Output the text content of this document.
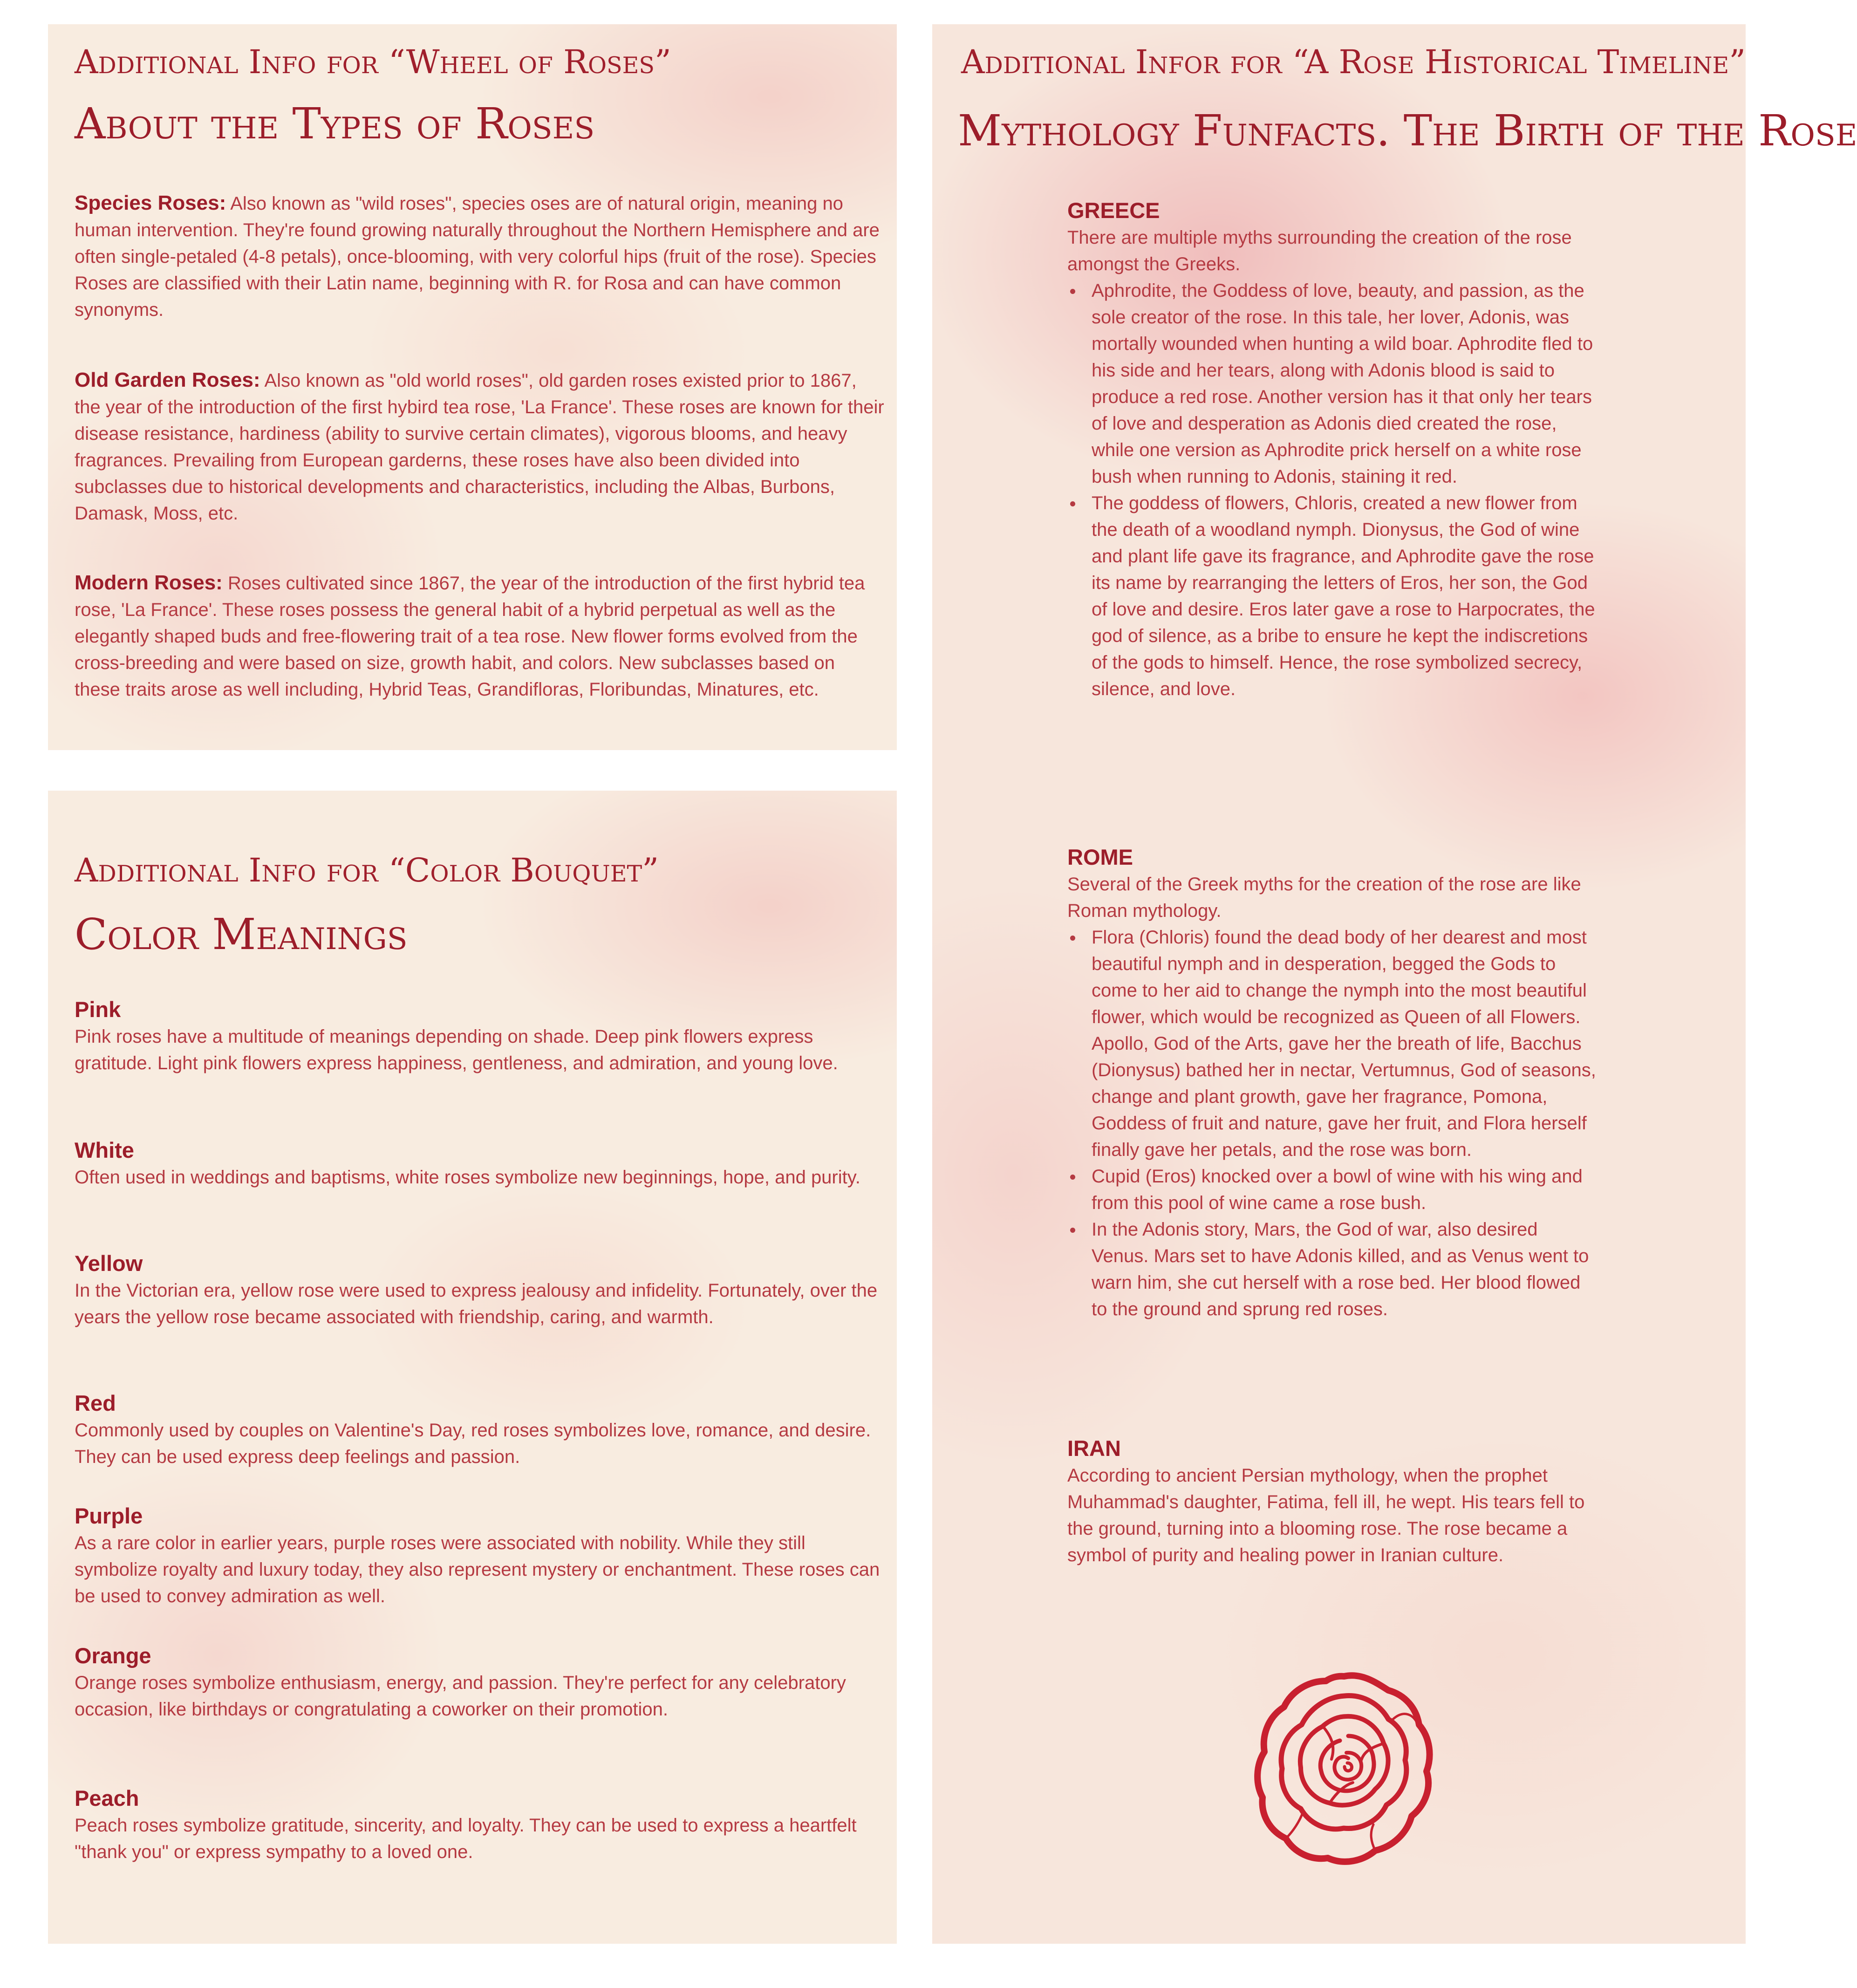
Additional Info for “Wheel of Roses”
About the Types of Roses

Species Roses: Also known as "wild roses", species oses are of natural origin, meaning no human intervention. They're found growing naturally throughout the Northern Hemisphere and are often single-petaled (4-8 petals), once-blooming, with very colorful hips (fruit of the rose). Species Roses are classified with their Latin name, beginning with R. for Rosa and can have common synonyms.

Old Garden Roses: Also known as "old world roses", old garden roses existed prior to 1867, the year of the introduction of the first hybird tea rose, 'La France'. These roses are known for their disease resistance, hardiness (ability to survive certain climates), vigorous blooms, and heavy fragrances. Prevailing from European garderns, these roses have also been divided into subclasses due to historical developments and characteristics, including the Albas, Burbons, Damask, Moss, etc.

Modern Roses: Roses cultivated since 1867, the year of the introduction of the first hybrid tea rose, 'La France'. These roses possess the general habit of a hybrid perpetual as well as the elegantly shaped buds and free-flowering trait of a tea rose. New flower forms evolved from the cross-breeding and were based on size, growth habit, and colors. New subclasses based on these traits arose as well including, Hybrid Teas, Grandifloras, Floribundas, Minatures, etc.

Additional Info for “Color Bouquet”
Color Meanings
Pink
Pink roses have a multitude of meanings depending on shade. Deep pink flowers express gratitude. Light pink flowers express happiness, gentleness, and admiration, and young love.
White
Often used in weddings and baptisms, white roses symbolize new beginnings, hope, and purity.
Yellow
In the Victorian era, yellow rose were used to express jealousy and infidelity. Fortunately, over the years the yellow rose became associated with friendship, caring, and warmth.
Red
Commonly used by couples on Valentine's Day, red roses symbolizes love, romance, and desire. They can be used express deep feelings and passion.
Purple
As a rare color in earlier years, purple roses were associated with nobility. While they still symbolize royalty and luxury today, they also represent mystery or enchantment. These roses can be used to convey admiration as well.
Orange
Orange roses symbolize enthusiasm, energy, and passion. They're perfect for any celebratory occasion, like birthdays or congratulating a coworker on their promotion.
Peach
Peach roses symbolize gratitude, sincerity, and loyalty. They can be used to express a heartfelt "thank you" or express sympathy to a loved one.
Additional Infor for “A Rose Historical Timeline”
Mythology Funfacts. The Birth of the Rose
GREECE
There are multiple myths surrounding the creation of the rose amongst the Greeks.
Aphrodite, the Goddess of love, beauty, and passion, as the sole creator of the rose. In this tale, her lover, Adonis, was mortally wounded when hunting a wild boar. Aphrodite fled to his side and her tears, along with Adonis blood is said to produce a red rose. Another version has it that only her tears of love and desperation as Adonis died created the rose, while one version as Aphrodite prick herself on a white rose bush when running to Adonis, staining it red.
The goddess of flowers, Chloris, created a new flower from the death of a woodland nymph. Dionysus, the God of wine and plant life gave its fragrance, and Aphrodite gave the rose its name by rearranging the letters of Eros, her son, the God of love and desire. Eros later gave a rose to Harpocrates, the god of silence, as a bribe to ensure he kept the indiscretions of the gods to himself. Hence, the rose symbolized secrecy, silence, and love.
ROME
Several of the Greek myths for the creation of the rose are like Roman mythology.
Flora (Chloris) found the dead body of her dearest and most beautiful nymph and in desperation, begged the Gods to come to her aid to change the nymph into the most beautiful flower, which would be recognized as Queen of all Flowers. Apollo, God of the Arts, gave her the breath of life, Bacchus (Dionysus) bathed her in nectar, Vertumnus, God of seasons, change and plant growth, gave her fragrance, Pomona, Goddess of fruit and nature, gave her fruit, and Flora herself finally gave her petals, and the rose was born.
Cupid (Eros) knocked over a bowl of wine with his wing and from this pool of wine came a rose bush.
In the Adonis story, Mars, the God of war, also desired Venus. Mars set to have Adonis killed, and as Venus went to warn him, she cut herself with a rose bed. Her blood flowed to the ground and sprung red roses.
IRAN
According to ancient Persian mythology, when the prophet Muhammad's daughter, Fatima, fell ill, he wept. His tears fell to the ground, turning into a blooming rose. The rose became a symbol of purity and healing power in Iranian culture.
